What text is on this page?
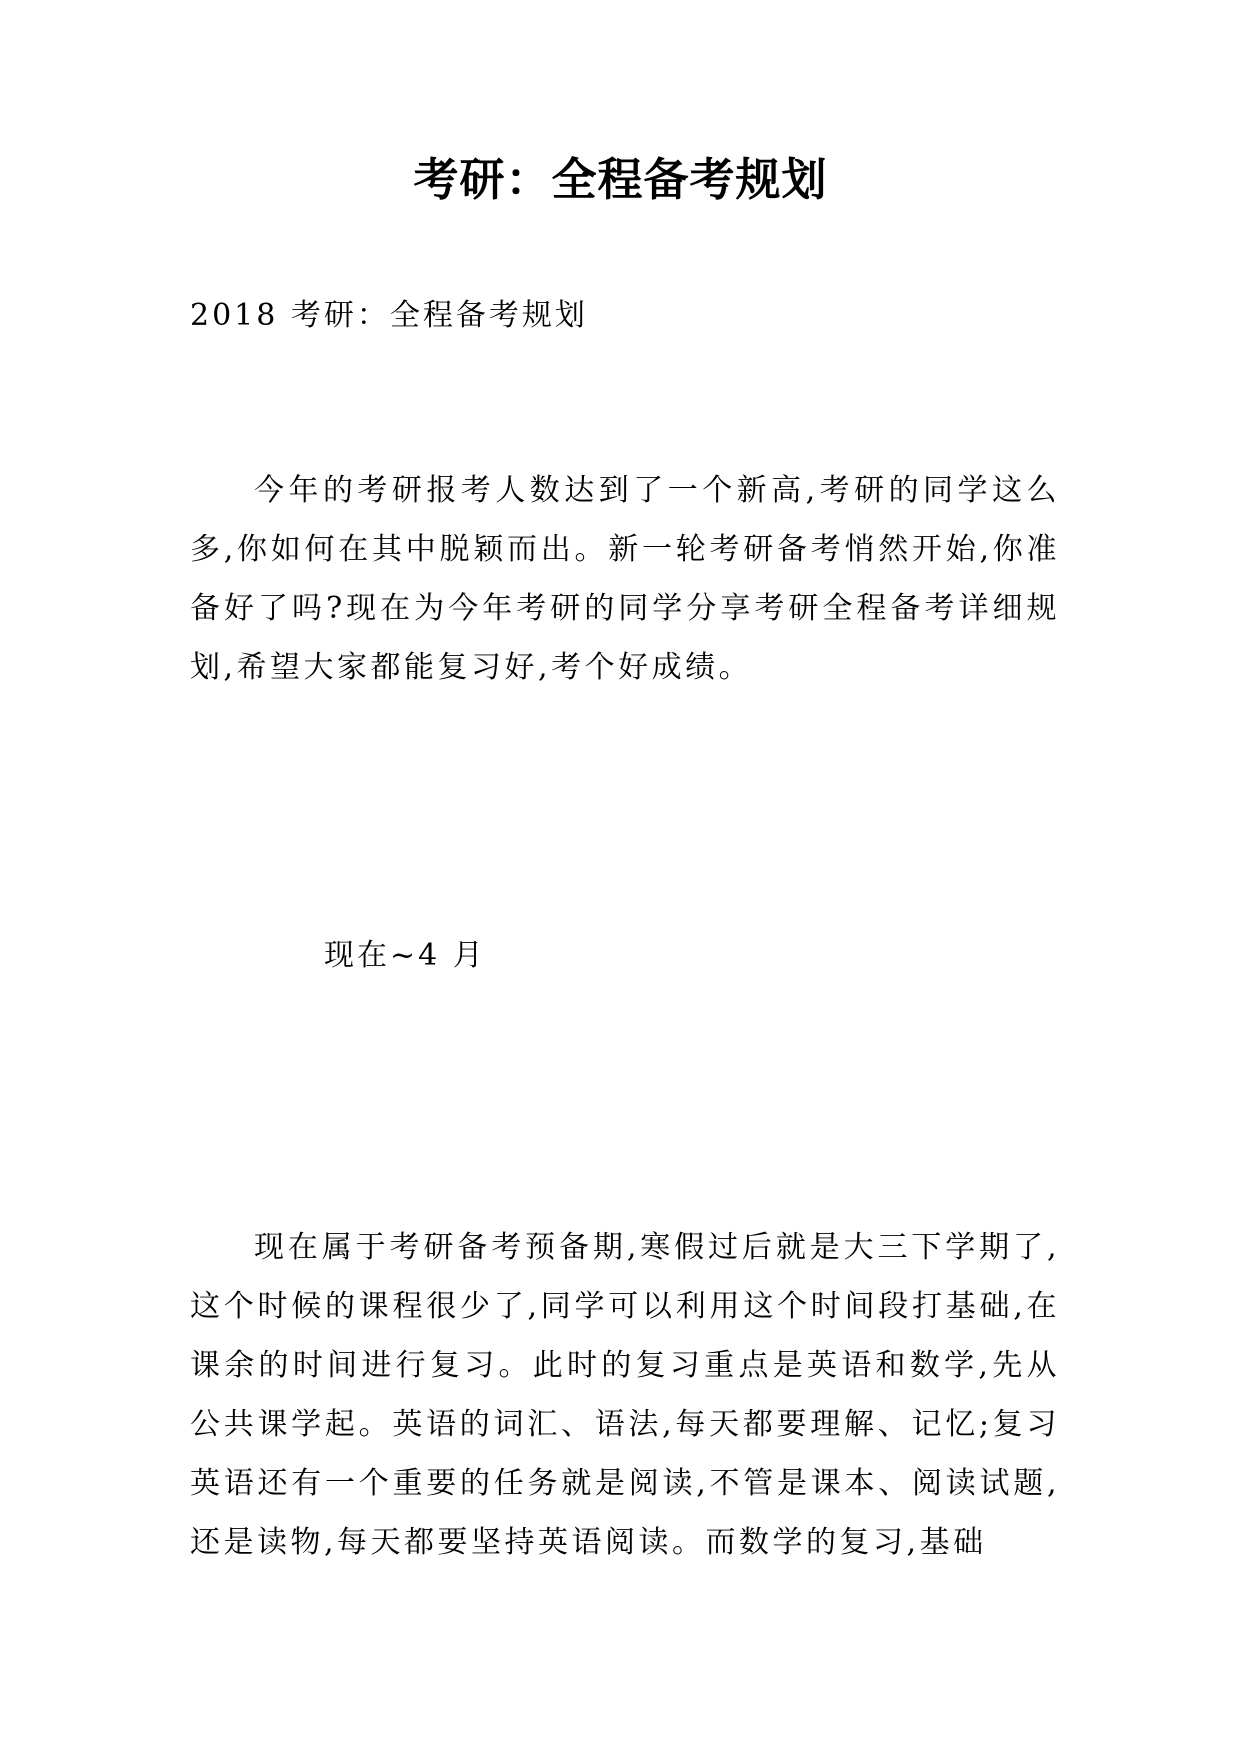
考研：全程备考规划
2018 考研：全程备考规划
今年的考研报考人数达到了一个新高,考研的同学这么多,你如何在其中脱颖而出。新一轮考研备考悄然开始,你准备好了吗?现在为今年考研的同学分享考研全程备考详细规划,希望大家都能复习好,考个好成绩。
现在~4 月
现在属于考研备考预备期,寒假过后就是大三下学期了,这个时候的课程很少了,同学可以利用这个时间段打基础,在课余的时间进行复习。此时的复习重点是英语和数学,先从公共课学起。英语的词汇、语法,每天都要理解、记忆;复习英语还有一个重要的任务就是阅读,不管是课本、阅读试题,还是读物,每天都要坚持英语阅读。而数学的复习,基础
